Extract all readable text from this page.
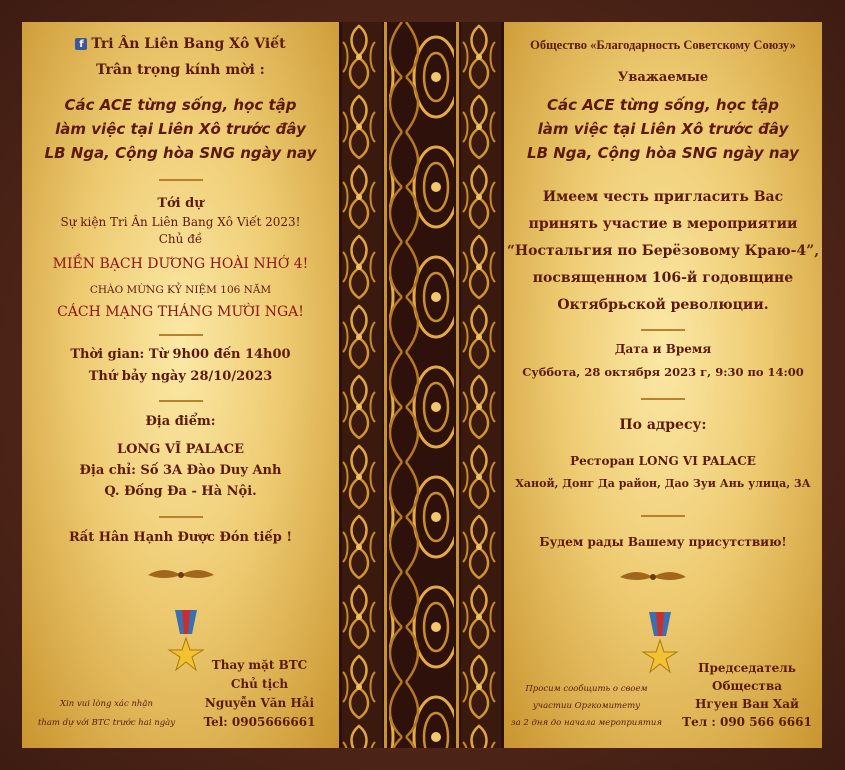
f Tri Ân Liên Bang Xô Viết
Trân trọng kính mời :
Các ACE từng sống, học tập
làm việc tại Liên Xô trước đây
LB Nga, Cộng hòa SNG ngày nay
Tới dự
Sự kiện Tri Ân Liên Bang Xô Viết 2023!
Chủ đề
MIỀN BẠCH DƯƠNG HOÀI NHỚ 4!
CHÀO MỪNG KỶ NIỆM 106 NĂM
CÁCH MẠNG THÁNG MƯỜI NGA!
Thời gian: Từ 9h00 đến 14h00
Thứ bảy ngày 28/10/2023
Địa điểm:
LONG VĨ PALACE
Địa chỉ: Số 3A Đào Duy Anh
Q. Đống Đa - Hà Nội.
Rất Hân Hạnh Được Đón tiếp !
Thay mặt BTC
Chủ tịch
Nguyễn Văn Hải
Tel: 0905666661
Xin vui lòng xác nhận
tham dự với BTC trước hai ngày
Общество «Благодарность Советскому Союзу»
Уважаемые
Các ACE từng sống, học tập
làm việc tại Liên Xô trước đây
LB Nga, Cộng hòa SNG ngày nay
Имеем честь пригласить Вас
принять участие в мероприятии
“Ностальгия по Берёзовому Краю-4”,
посвященном 106-й годовщине
Октябрьской революции.
Дата и Время
Суббота, 28 октября 2023 г, 9:30 по 14:00
По адресу:
Ресторан LONG VI PALACE
Ханой, Донг Да район, Дао Зуи Ань улица, 3А
Будем рады Вашему присутствию!
Председатель
Общества
Нгуен Ван Хай
Тел : 090 566 6661
Просим сообщить о своем
участии Оргкомитету
за 2 дня до начала мероприятия
